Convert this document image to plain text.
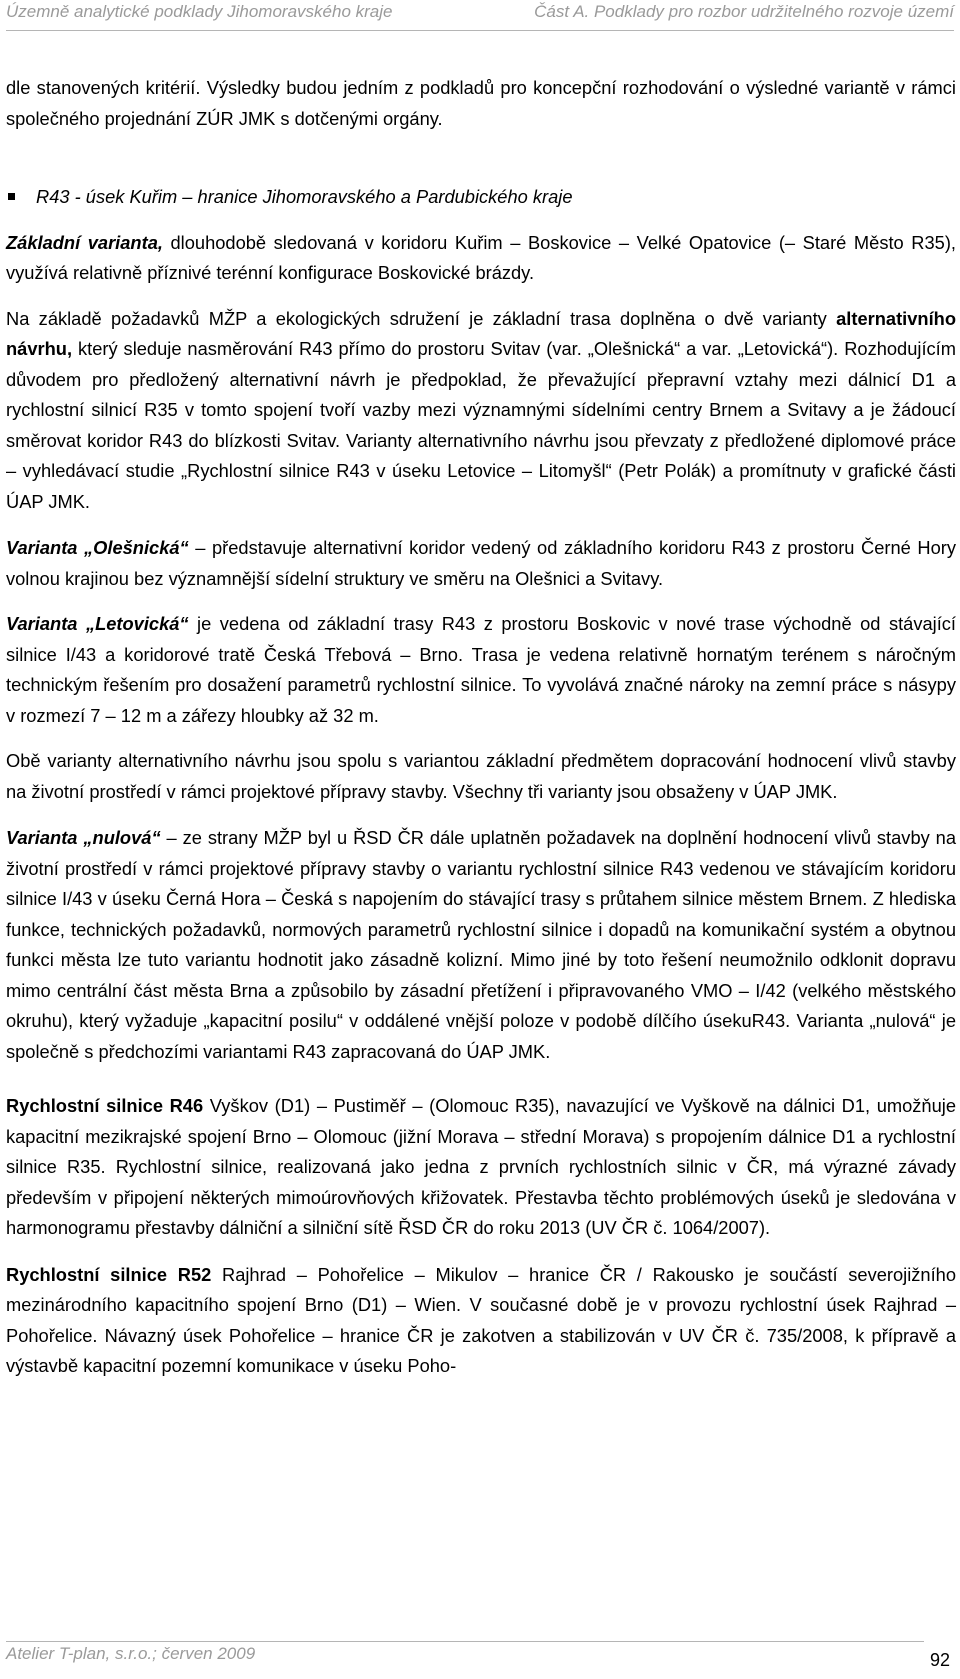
Územně analytické podklady Jihomoravského kraje	Část A. Podklady pro rozbor udržitelného rozvoje území

dle stanovených kritérií. Výsledky budou jedním z podkladů pro koncepční rozhodování o výsledné variantě v rámci společného projednání ZÚR JMK s dotčenými orgány.

R43 - úsek Kuřim – hranice Jihomoravského a Pardubického kraje

Základní varianta, dlouhodobě sledovaná v koridoru Kuřim – Boskovice – Velké Opatovice (– Staré Město R35), využívá relativně příznivé terénní konfigurace Boskovické brázdy.

Na základě požadavků MŽP a ekologických sdružení je základní trasa doplněna o dvě varianty alternativního návrhu, který sleduje nasměrování R43 přímo do prostoru Svitav (var. „Olešnická“ a var. „Letovická“). Rozhodujícím důvodem pro předložený alternativní návrh je předpoklad, že převažující přepravní vztahy mezi dálnicí D1 a rychlostní silnicí R35 v tomto spojení tvoří vazby mezi významnými sídelními centry Brnem a Svitavy a je žádoucí směrovat koridor R43 do blízkosti Svitav. Varianty alternativního návrhu jsou převzaty z předložené diplomové práce – vyhledávací studie „Rychlostní silnice R43 v úseku Letovice – Litomyšl“ (Petr Polák) a promítnuty v grafické části ÚAP JMK.

Varianta „Olešnická“ – představuje alternativní koridor vedený od základního koridoru R43 z prostoru Černé Hory volnou krajinou bez významnější sídelní struktury ve směru na Olešnici a Svitavy.

Varianta „Letovická“ je vedena od základní trasy R43 z prostoru Boskovic v nové trase východně od stávající silnice I/43 a koridorové tratě Česká Třebová – Brno. Trasa je vedena relativně hornatým terénem s náročným technickým řešením pro dosažení parametrů rychlostní silnice. To vyvolává značné nároky na zemní práce s násypy v rozmezí 7 – 12 m a zářezy hloubky až 32 m.

Obě varianty alternativního návrhu jsou spolu s variantou základní předmětem dopracování hodnocení vlivů stavby na životní prostředí v rámci projektové přípravy stavby. Všechny tři varianty jsou obsaženy v ÚAP JMK.

Varianta „nulová“ – ze strany MŽP byl u ŘSD ČR dále uplatněn požadavek na doplnění hodnocení vlivů stavby na životní prostředí v rámci projektové přípravy stavby o variantu rychlostní silnice R43 vedenou ve stávajícím koridoru silnice I/43 v úseku Černá Hora – Česká s napojením do stávající trasy s průtahem silnice městem Brnem. Z hlediska funkce, technických požadavků, normových parametrů rychlostní silnice i dopadů na komunikační systém a obytnou funkci města lze tuto variantu hodnotit jako zásadně kolizní. Mimo jiné by toto řešení neumožnilo odklonit dopravu mimo centrální část města Brna a způsobilo by zásadní přetížení i připravovaného VMO – I/42 (velkého městského okruhu), který vyžaduje „kapacitní posilu“ v oddálené vnější poloze v podobě dílčího úsekuR43. Varianta „nulová“ je společně s předchozími variantami R43 zapracovaná do ÚAP JMK.

Rychlostní silnice R46 Vyškov (D1) – Pustiměř – (Olomouc R35), navazující ve Vyškově na dálnici D1, umožňuje kapacitní mezikrajské spojení Brno – Olomouc (jižní Morava – střední Morava) s propojením dálnice D1 a rychlostní silnice R35. Rychlostní silnice, realizovaná jako jedna z prvních rychlostních silnic v ČR, má výrazné závady především v připojení některých mimoúrovňových křižovatek. Přestavba těchto problémových úseků je sledována v harmonogramu přestavby dálniční a silniční sítě ŘSD ČR do roku 2013 (UV ČR č. 1064/2007).

Rychlostní silnice R52 Rajhrad – Pohořelice – Mikulov – hranice ČR / Rakousko je součástí severojižního mezinárodního kapacitního spojení Brno (D1) – Wien. V současné době je v provozu rychlostní úsek Rajhrad – Pohořelice. Návazný úsek Pohořelice – hranice ČR je zakotven a stabilizován v UV ČR č. 735/2008, k přípravě a výstavbě kapacitní pozemní komunikace v úseku Poho-

Atelier T-plan, s.r.o.; červen 2009	92
